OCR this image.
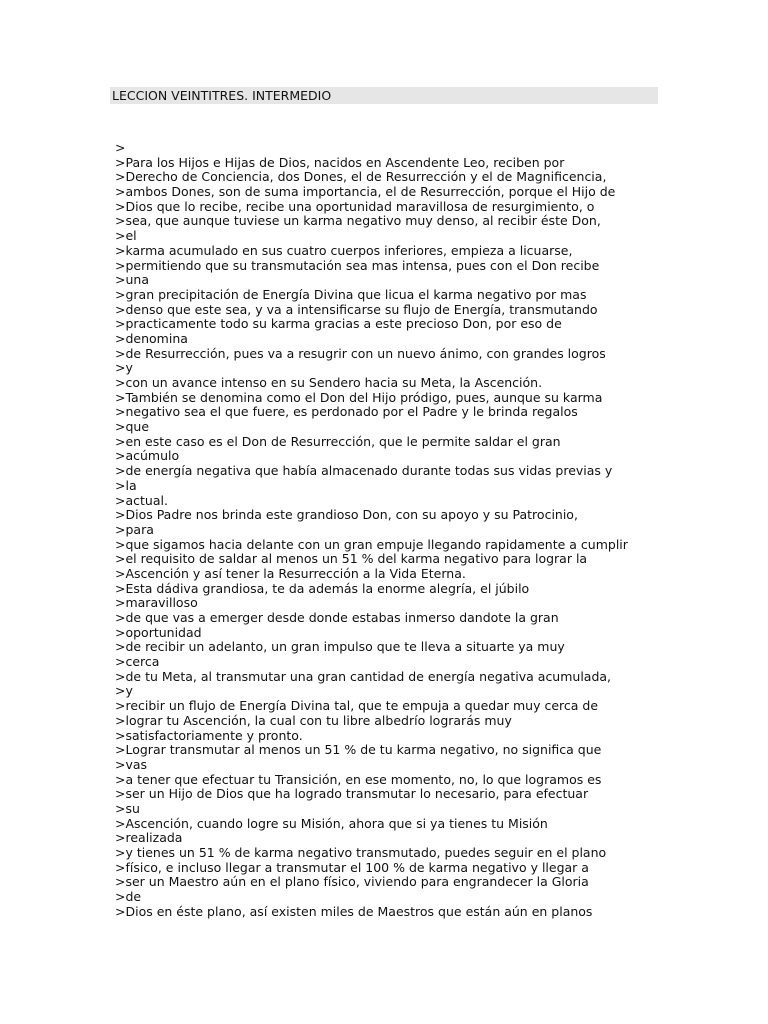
LECCION VEINTITRES. INTERMEDIO
>
>Para los Hijos e Hijas de Dios, nacidos en Ascendente Leo, reciben por
>Derecho de Conciencia, dos Dones, el de Resurrección y el de Magnificencia,
>ambos Dones, son de suma importancia, el de Resurrección, porque el Hijo de
>Dios que lo recibe, recibe una oportunidad maravillosa de resurgimiento, o
>sea, que aunque tuviese un karma negativo muy denso, al recibir éste Don,
>el
>karma acumulado en sus cuatro cuerpos inferiores, empieza a licuarse,
>permitiendo que su transmutación sea mas intensa, pues con el Don recibe
>una
>gran precipitación de Energía Divina que licua el karma negativo por mas
>denso que este sea, y va a intensificarse su flujo de Energía, transmutando
>practicamente todo su karma gracias a este precioso Don, por eso de
>denomina
>de Resurrección, pues va a resugrir con un nuevo ánimo, con grandes logros
>y
>con un avance intenso en su Sendero hacia su Meta, la Ascención.
>También se denomina como el Don del Hijo pródigo, pues, aunque su karma
>negativo sea el que fuere, es perdonado por el Padre y le brinda regalos
>que
>en este caso es el Don de Resurrección, que le permite saldar el gran
>acúmulo
>de energía negativa que había almacenado durante todas sus vidas previas y
>la
>actual.
>Dios Padre nos brinda este grandioso Don, con su apoyo y su Patrocinio,
>para
>que sigamos hacia delante con un gran empuje llegando rapidamente a cumplir
>el requisito de saldar al menos un 51 % del karma negativo para lograr la
>Ascención y así tener la Resurrección a la Vida Eterna.
>Esta dádiva grandiosa, te da además la enorme alegría, el júbilo
>maravilloso
>de que vas a emerger desde donde estabas inmerso dandote la gran
>oportunidad
>de recibir un adelanto, un gran impulso que te lleva a situarte ya muy
>cerca
>de tu Meta, al transmutar una gran cantidad de energía negativa acumulada,
>y
>recibir un flujo de Energía Divina tal, que te empuja a quedar muy cerca de
>lograr tu Ascención, la cual con tu libre albedrío lograrás muy
>satisfactoriamente y pronto.
>Lograr transmutar al menos un 51 % de tu karma negativo, no significa que
>vas
>a tener que efectuar tu Transición, en ese momento, no, lo que logramos es
>ser un Hijo de Dios que ha logrado transmutar lo necesario, para efectuar
>su
>Ascención, cuando logre su Misión, ahora que si ya tienes tu Misión
>realizada
>y tienes un 51 % de karma negativo transmutado, puedes seguir en el plano
>físico, e incluso llegar a transmutar el 100 % de karma negativo y llegar a
>ser un Maestro aún en el plano físico, viviendo para engrandecer la Gloria
>de
>Dios en éste plano, así existen miles de Maestros que están aún en planos
